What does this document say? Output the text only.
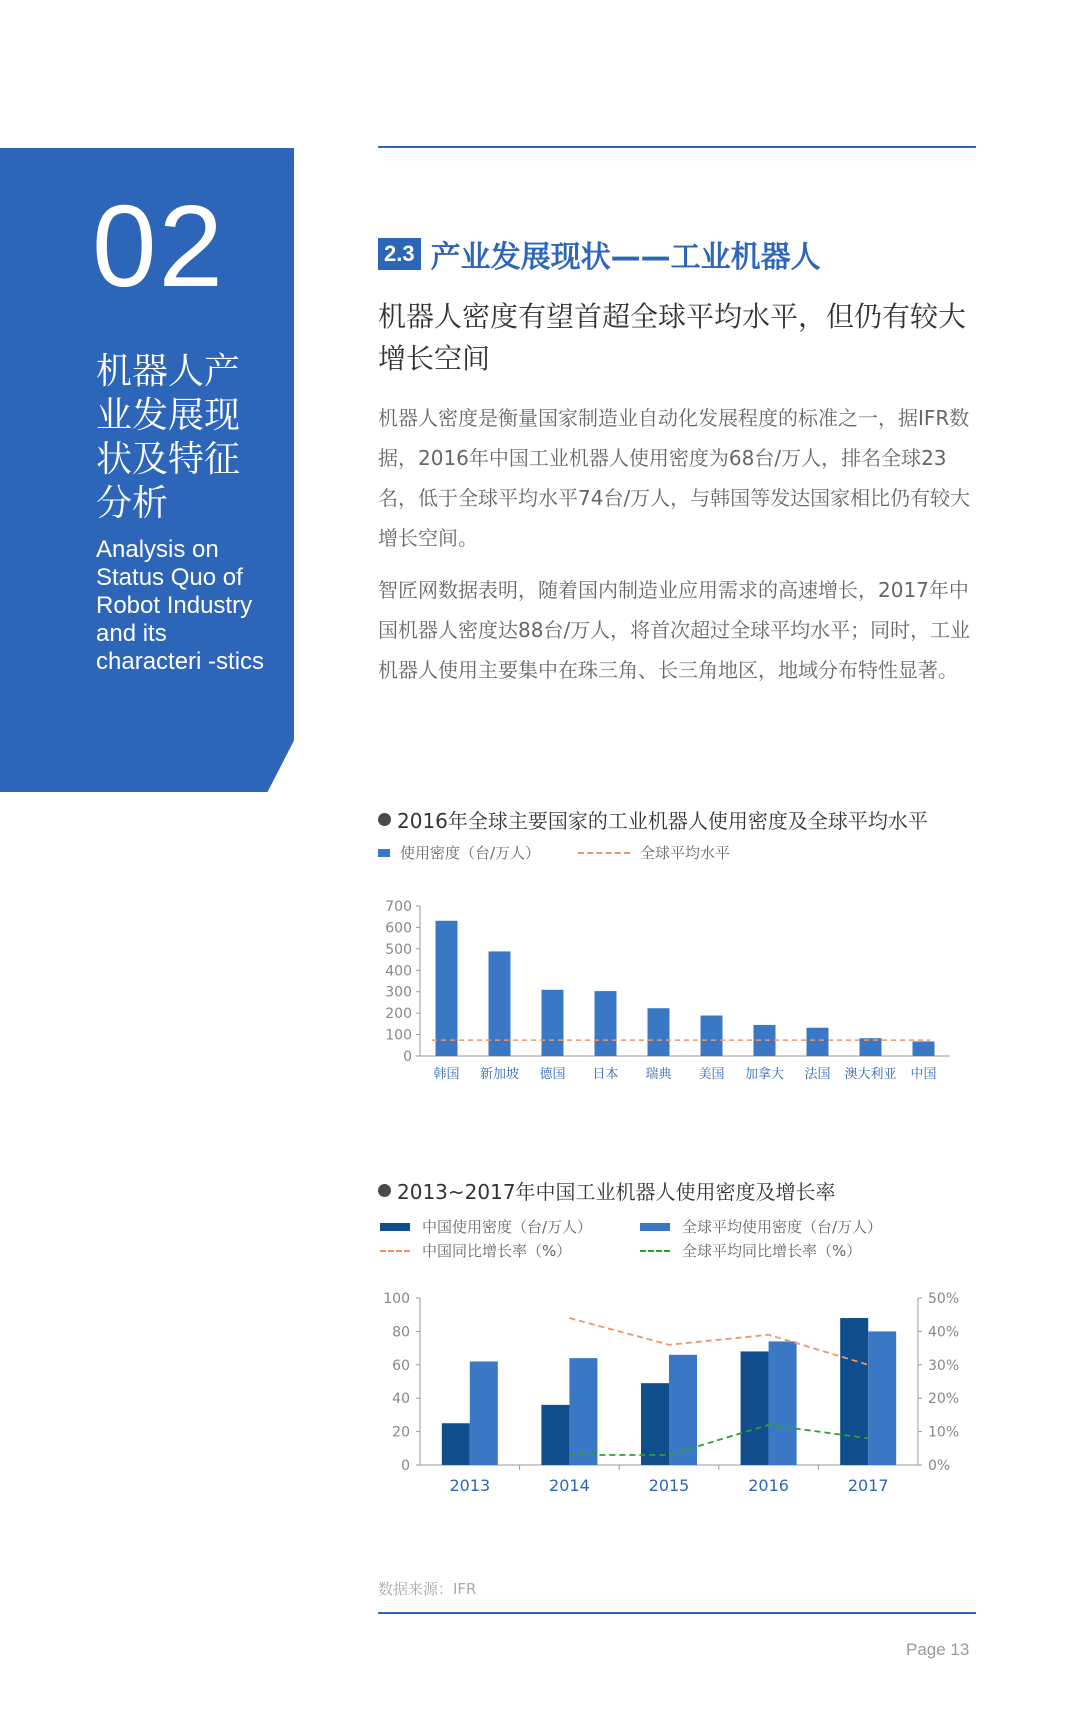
02
机器人产业发展现状及特征分析
Analysis on Status Quo of Robot Industry and its characteri -stics
2.3 产业发展现状——工业机器人
机器人密度有望首超全球平均水平，但仍有较大增长空间
机器人密度是衡量国家制造业自动化发展程度的标准之一，据IFR数据，2016年中国工业机器人使用密度为68台/万人，排名全球23名，低于全球平均水平74台/万人，与韩国等发达国家相比仍有较大增长空间。
智匠网数据表明，随着国内制造业应用需求的高速增长，2017年中国机器人密度达88台/万人，将首次超过全球平均水平；同时，工业机器人使用主要集中在珠三角、长三角地区，地域分布特性显著。
2016年全球主要国家的工业机器人使用密度及全球平均水平
使用密度（台/万人）	全球平均水平
0
100
200
300
400
500
600
700
韩国 新加坡 德国 日本 瑞典 美国 加拿大 法国 澳大利亚 中国
2013~2017年中国工业机器人使用密度及增长率
中国使用密度（台/万人）	全球平均使用密度（台/万人）
中国同比增长率（%）	全球平均同比增长率（%）
0
20
40
60
80
100
0%
10%
20%
30%
40%
50%
2013	2014	2015	2016	2017
数据来源：IFR
Page 13
